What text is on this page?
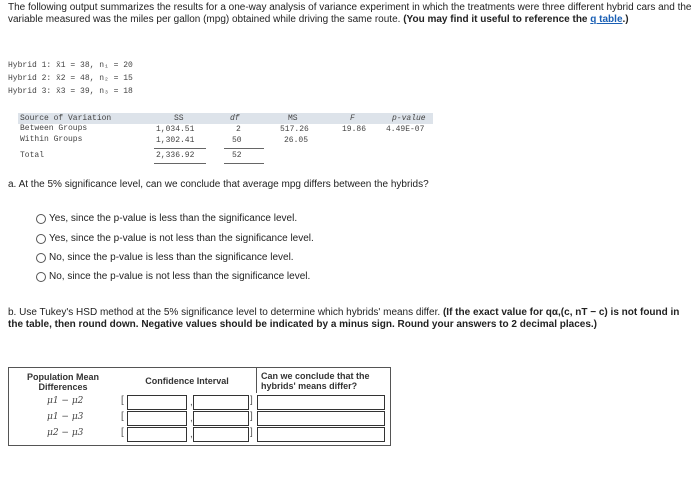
The following output summarizes the results for a one-way analysis of variance experiment in which the treatments were three different hybrid cars and the variable measured was the miles per gallon (mpg) obtained while driving the same route. (You may find it useful to reference the q table.)
Hybrid 1: x̄1 = 38, n₁ = 20
Hybrid 2: x̄2 = 48, n₂ = 15
Hybrid 3: x̄3 = 39, n₃ = 18
Source of Variation	SS	df	MS	F	p-value
Between Groups	1,034.51	2	517.26	19.86 4.49E-07
Within Groups	1,302.41	50	26.05
Total	2,336.92	52
a. At the 5% significance level, can we conclude that average mpg differs between the hybrids?
Yes, since the p-value is less than the significance level.
Yes, since the p-value is not less than the significance level.
No, since the p-value is less than the significance level.
No, since the p-value is not less than the significance level.
b. Use Tukey's HSD method at the 5% significance level to determine which hybrids' means differ. (If the exact value for qα,(c, nT − c) is not found in the table, then round down. Negative values should be indicated by a minus sign. Round your answers to 2 decimal places.)
Population Mean Differences
Confidence Interval	Can we conclude that the hybrids' means differ?
μ1 − μ2	[	,	]
μ1 − μ3	[	,	]
μ2 − μ3	[	,	]
